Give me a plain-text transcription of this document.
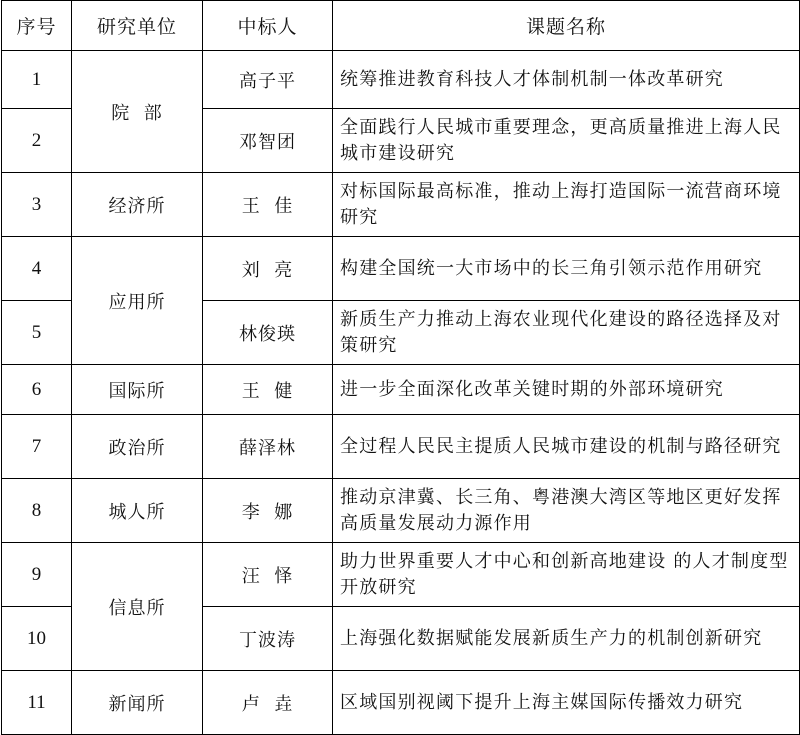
序号	研究单位	中标人	课题名称
1	院  部	高子平	统筹推进教育科技人才体制机制一体改革研究
2		邓智团	全面践行人民城市重要理念，更高质量推进上海人民城市建设研究
3	经济所	王  佳	对标国际最高标准，推动上海打造国际一流营商环境研究
4	应用所	刘  亮	构建全国统一大市场中的长三角引领示范作用研究
5		林俊瑛	新质生产力推动上海农业现代化建设的路径选择及对策研究
6	国际所	王  健	进一步全面深化改革关键时期的外部环境研究
7	政治所	薛泽林	全过程人民民主提质人民城市建设的机制与路径研究
8	城人所	李  娜	推动京津冀、长三角、粤港澳大湾区等地区更好发挥高质量发展动力源作用
9	信息所	汪  怿	助力世界重要人才中心和创新高地建设 的人才制度型开放研究
10		丁波涛	上海强化数据赋能发展新质生产力的机制创新研究
11	新闻所	卢  垚	区域国别视阈下提升上海主媒国际传播效力研究
